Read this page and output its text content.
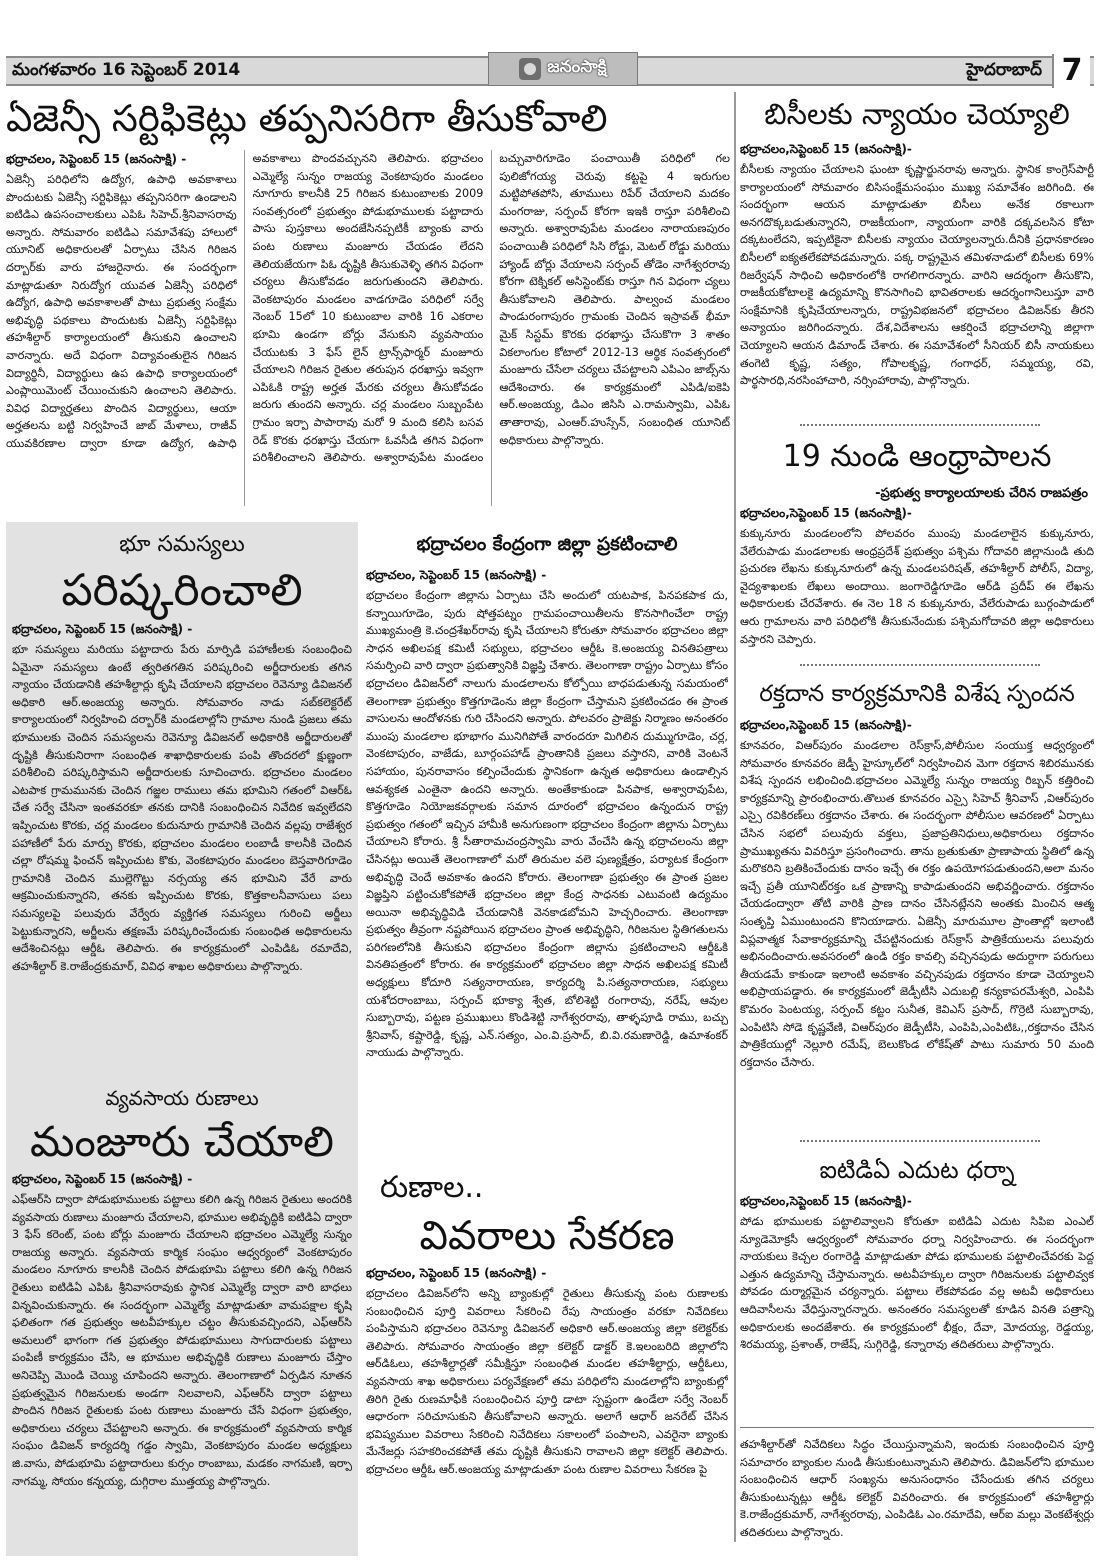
మంగళవారం 16 సెప్టెంబర్ 2014	జనంసాక్షి	హైదరాబాద్ 7
ఏజెన్సీ సర్టిఫికెట్లు తప్పనిసరిగా తీసుకోవాలి
భద్రాచలం, సెప్టెంబర్ 15 (జనంసాక్షి) -
ఏజెన్సీ పరిధిలోని ఉద్యోగ, ఉపాధి అవకాశాలు పొందుటకు ఏజెన్సీ సర్టిఫికెట్లు తప్పనిసరిగా ఉండాలని ఐటిడిఎ ఉపసంచాలకులు ఎపిఓ సిహెచ్.శ్రీనివాసరావు అన్నారు. సోమవారం ఐటిడిఎ సమావేశపు హాలులో యూనిట్ అధికారులతో ఏర్పాటు చేసిన గిరిజన దర్బార్‌కు వారు హాజరైనారు. ఈ సందర్భంగా మాట్లాడుతూ నిరుద్యోగ యువత ఏజెన్సీ పరిధిలో ఉద్యోగ, ఉపాధి అవకాశాలతో పాటు ప్రభుత్వ సంక్షేమ అభివృద్ధి పథకాలు పొందుటకు ఏజెన్సీ సర్టిఫికెట్లు తహశీల్దార్ కార్యాలయంలో తీసుకుని ఉంచాలని వారన్నారు. అదే విధంగా విద్యావంతులైన గిరిజన విద్యార్థినీ, విద్యార్థులు ఉప ఉపాధి కార్యాలయంలో ఎంప్లాయిమెంట్ చేయించుకుని ఉంచాలని తెలిపారు. వివిధ విద్యార్హతలు పొందిన విద్యార్థులు, ఆయా అర్హతలను బట్టి నిర్వహించే జాబ్ మేళాలు, రాజీవ్ యువకిరణాల ద్వారా కూడా ఉద్యోగ, ఉపాధి అవకాశాలు పొందవచ్చునని తెలిపారు. భద్రాచలం ఎమ్మెల్యే సున్నం రాజయ్య వెంకటాపురం మండలం నూగూరు కాలనీకి 25 గిరిజన కుటుంబాలకు 2009 సంవత్సరంలో ప్రభుత్వం పోడుభూములకు పట్టాదారు పాసు పుస్తకాలు అందజేసినప్పటికీ బ్యాంకు వారు పంట రుణాలు మంజూరు చేయడం లేదని తెలియజేయగా పిఓ దృష్టికి తీసుకువెళ్ళి తగిన విధంగా చర్యలు తీసుకోవడం జరుగుతుందని తెలిపారు. వెంకటాపురం మండలం వాడగూడెం పరిధిలో సర్వే నెంబర్ 15లో 10 కుటుంబాల వారికి 16 ఎకరాల భూమి ఉండగా బోర్లు వేసుకుని వ్యవసాయం చేయుటకు 3 ఫేస్ లైన్ ట్రాన్స్‌ఫార్మర్ మంజూరు చేయాలని గిరిజన రైతుల తరుపున ధరఖాస్తు ఇవ్వగా ఎపిఓకి రాష్ట్ర అర్హత మేరకు చర్యలు తీసుకోవడం జరుగు తుందని అన్నారు. చర్ల మండలం సుబ్బంపేట గ్రామం ఇర్పా పాపారావు మరో 9 మంది కలిసి బసవ రెడ్ కొరకు ధరఖాస్తు చేయగా ఓవసీడి తగిన విధంగా పరిశీలించాలని తెలిపారు. అశ్వారావుపేట మండలం బచ్చువారిగూడెం పంచాయితీ పరిధిలో గల పులిజోగయ్య చెరువు కట్టపై 4 ఇరుగుల మట్టిపోతపోసి, తూములు రిపేర్ చేయాలని మదకం మంగరాజు, సర్పంచ్ కోరగా ఇఇకి రాస్తూ పరిశీలించి అన్నారు. అశ్వారావుపేట మండలం నారాయణపురం పంచాయితీ పరిధిలో సిసి రోడ్డు, మెటల్ రోడ్డు మరియు హ్యాండ్ బోర్లు వేయాలని సర్పంచ్ తోడెం నాగేశ్వరరావు కోరగా టెక్నికల్ అసిస్టెంట్‌కు రాస్తూ గిన విధంగా చ్యలు తీసుకోవాలని తెలిపారు. పాల్వంచ మండలం పాండురంగాపురం గ్రామంకు చెందిన ఇస్రావత్ భీమా మైక్ సిస్టమ్ కొరకు ధరఖాస్తు చేసుకొగా 3 శాతం వికలాంగుల కోటాలో 2012-13 ఆర్థిక సంవత్సరంలో మంజూరు చేసేలా చర్యలు చేపట్టాలని ఎపిఎం జాబ్స్‌ను ఆదేశించారు. ఈ కార్యక్రమంలో ఎపిడి/ఐకెపి ఆర్.అంజయ్య, డిఎం జిసిసి ఎ.రామస్వామి, ఎపిఓ తాతారావు, ఎంఆర్.హుస్సేన్, సంబంధిత యూనిట్ అధికారులు పాల్గొన్నారు.
బిసీలకు న్యాయం చెయ్యాలి
భద్రాచలం,సెప్టెంబర్ 15 (జనంసాక్షి)-
బీసీలకు న్యాయం చేయాలని ఘంటా కృష్ణార్జునరావు అన్నారు. స్థానిక కాంగ్రెస్‌పార్టీ కార్యాలయంలో సోమవారం బిసిసంక్షేమసంఘం ముఖ్య సమావేశం జరిగింది. ఈ సందర్భంగా ఆయన మాట్లాడుతూ బిసీలు అనేక రకాలుగా అనగదొక్కబడుతున్నారని, రాజకీయంగా, న్యాయంగా వారికి దక్కవలసిన కోటా దక్కటంలేదని, ఇప్పటికైనా బిసీలకు న్యాయం చెయ్యాలన్నారు.దీనికి ప్రధానకారణం బిసీలలో ఐక్యతలేకపోవడమన్నారు. పక్క రాష్ట్రమైన తమిళనాడులో బిసీలకు 69% రిజర్వేషన్ సాధించి అధికారంలోకి రాగలిగారన్నారు. వారిని ఆదర్శంగా తీసుకొని, రాజకీయకోటాలకై ఉద్యమాన్ని కొనసాగించి భావితరాలకు ఆదర్శంగానిలుస్తూ వారి సంక్షేమానికి కృషిచేయాలన్నారు, రాష్ట్రవిభజనలో భద్రాచలం డివిజన్‌కు తీరని అన్యాయం జరిగిందన్నారు. దేశ,విదేశాలను ఆకర్షించే భద్రాచలాన్ని జిల్లాగా చెయ్యాలని ఆయన డిమాండ్ చేశారు. ఈ సమావేశంలో సీనియర్ బిసీ నాయకులు తంగెటి కృష్ణ, సత్యం, గోపాలకృష్ణ, గంగాధర్, సమ్మయ్య, రవి, పార్థసారధి,నరసింహాచారి, నర్సింహారావు, పాల్గొన్నారు.
19 నుండి ఆంధ్రాపాలన
-ప్రభుత్వ కార్యాలయాలకు చేరిన రాజపత్రం
భద్రాచలం,సెప్టెంబర్ 15 (జనంసాక్షి)-
కుక్కునూరు మండలంలోని పోలవరం ముంపు మండలాలైన కుక్కునూరు, వేలేరుపాడు మండలాలకు ఆంధ్రప్రదేశ్ ప్రభుత్వం పశ్చిమ గోదావరి జిల్లానుండి తుది ప్రచురణ లేఖను కుక్కునూరులో ఉన్న మండలపరిషత్, తహశీల్దార్ పోలీస్, విద్యా, వైద్యశాఖలకు లేఖలు అందాయి. జంగారెడ్డిగూడెం ఆర్‌డి ప్రదీప్ ఈ లేఖను అధికారులకు చేరవేశారు. ఈ నెల 18 న కుక్కునూరు, వేలేరుపాడు బుర్గంపాడులో ఆరు గ్రామాలను వారి పరిధిలోకి తీసుకునేందుకు పశ్చిమగోదావరి జిల్లా అధికారులు వస్తారని చెప్పారు.
రక్తదాన కార్యక్రమానికి విశేష స్పందన
భద్రాచలం,సెప్టెంబర్ 15 (జనంసాక్షి)-
కూనవరం, విఆర్‌పురం మండలాల రెస్‌క్రాస్,పోలీసుల సంయుక్త ఆధ్వర్యంలో సోమవారం కూనవరం జెడ్పీ హైస్కూల్‌లో నిర్వహించిన మెగా రక్తదాన శిబిరమునకు విశేష స్పందన లభించింది.భద్రాచలం ఎమ్మెల్యే సున్నం రాజయ్య రిబ్బన్ కత్తిరించి కార్యక్రమాన్ని ప్రారంభించారు.తొలుత కూనవరం ఎస్సై సిహెచ్ శ్రీనివాస్ ,విఆర్‌పురం ఎస్సై రవికిరణ్‌లు రక్తదానం చేశారు. ఈ సందర్భంగా పోలీసుల ఆవరణలో ఏర్పాటు చేసిన సభలో పలువురు వక్తలు, ప్రజాప్రతినిధులు,అధికారులు రక్తదానం ప్రాముఖ్యతను వివరిస్తూ ప్రసంగించారు. తాను బ్రతుకుతూ ప్రాణాపాయ స్థితిలో ఉన్న మరొకరిని బ్రతికించేందుకు దానం ఇచ్చే ఈ రక్తం ఉపయోగపడుతుందని,అలా మనం ఇచ్చే ప్రతీ యూనిట్‌రక్తం ఒక ప్రాణాన్ని కాపాడుతుందని అభివర్ణించారు. రక్తదానం చేయడంద్వారా తోటి వారికి ప్రాణ దానం చేసినట్లేనని అంతకు మించిన ఆత్మ సంతృప్తి ఏముంటుందని కొనియాడారు. ఏజెన్సీ మారుమూల ప్రాంతాల్లో ఇలాంటి విప్లవాత్మక సేవాకార్యక్రమాన్ని చేపట్టినందుకు రెస్‌క్రాస్ పాత్రికేయులను పలువురు అభినందించారు.అవసరంలో ఉండి రక్తం కావల్సి వచ్చినపుడు అదుర్దాగా పరుగులు తీయడమే కాకుండా ఇలాంటి అవకాశం వచ్చినపుడు రక్తదానం కూడా చెయ్యాలని అభిప్రాయపడ్డారు. ఈ కార్యక్రమంలో జెడ్పీటీసి ఎదుబల్లి కన్యకాపరమేశ్వరి, ఎంపిపి కొమరం పెంటయ్య, సర్పంచ్ కట్టం సునీత, కెవిఎస్ ప్రసాద్, గొర్రెటి సుబ్బారావు, ఎంపిటిసి సోడె కృష్ణవేణి, విఆర్‌పురం జెడ్పీటీసి, ఎంపిపి,ఎంపిటిఓ,,రక్తదానం చేసిన పాత్రికేయుల్లో నెల్లూరి రమేష్, బెలుకొండ లోకేష్‌తో పాటు సుమారు 50 మంది రక్తదానం చేసారు.
ఐటిడిఏ ఎదుట ధర్నా
భద్రాచలం,సెప్టెంబర్ 15 (జనంసాక్షి)-
పోడు భూములకు పట్టాలివ్వాలని కోరుతూ ఐటిడిఏ ఎదుట సిపిఐ ఎంఎల్ న్యూడెమోక్రసీ ఆధ్వర్యంలో సోమవారం ధర్నా నిర్వహించారు. ఈ సందర్భంగా నాయకులు కెచ్చల రంగారెడ్డి మాట్లాడుతూ పోడు భూములకు పట్టాలించేవరకు పెద్ద ఎత్తున ఉద్యమాన్ని చేస్తామన్నారు. అటవీహక్కుల ద్వారా గిరిజనులకు పట్టాలివ్వక పోవడం దుర్మార్గమైన చర్యన్నారు. పట్టాలు లేకపోవడం వల్ల అటవీ అధికారులు ఆదివాసీలను వేధిస్తున్నారన్నారు. అనంతరం సమస్యలతో కూడిన వినతి పత్రాన్ని అధికారులకు అందజేశారు. ఈ కార్యక్రమంలో భీక్షం, దేవా, మోదయ్య, రెడ్డయ్య, శిరమయ్య, ప్రశాంత్, రాజేష్, సుగ్గిరెడ్డి, కన్నారావు తదితరులు పాల్గొన్నారు.
తహశీల్దార్‌తో నివేదికలు సిద్ధం చేయిస్తున్నామని, ఇందుకు సంబంధించిన పూర్తి సమాచారం బ్యాంకుల నుండి తీసుకుంటున్నామని తెలిపారు. డివిజన్‌లోని భూముల సంబంధించిన ఆధార్ సంఖ్యను అనుసంధానం చేసేందుకు తగిన చర్యలు తీసుకుంటున్నట్లు ఆర్డీఓ కలెక్టర్ వివరించారు. ఈ కార్యక్రమంలో తహశీల్దార్లు కె.రాజేంద్రకుమార్, నాగేశ్వరరావు, ఎంపిడిఓ ఎం.రమాదేవి, ఆర్‌ఐ మల్లు వెంకటేశ్వర్లు తదితరులు పాల్గొన్నారు.
భూ సమస్యలు
పరిష్కరించాలి
భద్రాచలం, సెప్టెంబర్ 15 (జనంసాక్షి) -
భూ సమస్యలు మరియు పట్టాదారు పేరు మార్పిడి పహాణీలకు సంబంధించి ఏమైనా సమస్యలు ఉంటే త్వరితగతిన పరిష్కరించి అర్జీదారులకు తగిన న్యాయం చేయడానికి తహశీల్దార్లు కృషి చేయాలని భద్రాచలం రెవెన్యూ డివిజనల్ అధికారి ఆర్.అంజయ్య అన్నారు. సోమవారం నాడు సబ్‌కలెక్టరేట్ కార్యాలయంలో నిర్వహించి దర్బార్‌కి మండలాల్లోని గ్రామాల నుండి ప్రజలు తమ భూములకు చెందిన సమస్యలను రెవెన్యూ డివిజనల్ అధికారికి అర్జీదారులతో దృష్టికి తీసుకునిరాగా సంబంధిత శాఖాధికారులకు పంపి తొందరలో క్షుణ్ణంగా పరిశీలించి పరిష్కరిస్తామని అర్జీదారులకు సూచించారు. భద్రాచలం మండలం ఎటపాక గ్రామమునకు చెందిన గజ్జల రాములు తమ భూమిని గతంలో విఆర్‌ఓ చేత సర్వే చేసినా ఇంతవరకూ తనకు దానికి సంబంధించిన నివేదిక ఇవ్వలేదని ఇప్పించుట కొరకు, చర్ల మండలం కుదునూరు గ్రామానికి చెందిన వల్లపు రాజేశ్వర పహాణీలో పేరు మార్పు కొరకు, భద్రాచలం మండలం లంబాడీ కాలనీకి చెందిన చల్లా రోషమ్మ ఫించన్ ఇప్పించుట కొకు, వెంకటాపురం మండలం బెస్తవారిగూడెం గ్రామానికి చెందిన ముల్లెగొట్టు నర్సయ్య తన భూమిని వేరే వారు ఆక్రమించుకున్నారని, తనకు ఇప్పించుట కొరకు, కొత్తకాలనీవాసులు పలు సమస్యలపై పలువురు వేర్వేరు వ్యక్తిగత సమస్యలు గురించి అర్జీలు పెట్టుకున్నారని, అర్జీలను తక్షణమే పరిష్కరించేందుకు సంబంధిత అధికారులను ఆదేశించినట్లు ఆర్డీఓ తెలిపారు. ఈ కార్యక్రమంలో ఎంపిడిఓ రమాదేవి, తహశీల్దార్ కె.రాజేంద్రకుమార్, వివిధ శాఖల అధికారులు పాల్గొన్నారు.
వ్యవసాయ రుణాలు
మంజూరు చేయాలి
భద్రాచలం, సెప్టెంబర్ 15 (జనంసాక్షి) -
ఎఫ్ఆర్‌సి ద్వారా పోడుభూములకు పట్టాలు కలిగి ఉన్న గిరిజన రైతులు అందరికి వ్యవసాయ రుణాలు మంజూరు చేయాలని, భూముల అభివృద్ధికి ఐటిడిఏ ద్వారా 3 ఫేస్ కరెంట్, పంట బోర్లు మంజూరు చేయాలని భద్రాచలం ఎమ్మెల్యే సున్నం రాజయ్య అన్నారు. వ్యవసాయ కార్మిక సంఘం ఆధ్వర్యంలో వెంకటాపురం మండలం నూగూరు కాలనీకి చెందిన పోడుభూమి పట్టాలు కలిగి ఉన్న గిరిజన రైతులు ఐటిడిఏ ఎపిఓ శ్రీనివాసరావుకు స్థానిక ఎమ్మెల్యే ద్వారా వారి బాధలు విన్నవించుకున్నారు. ఈ సందర్భంగా ఎమ్మెల్యే మాట్లాడుతూ వామపక్షాల కృషి ఫలితంగా గత ప్రభుత్వం అటవీహక్కుల చట్టం తీసుకువచ్చిందని, ఎఫ్ఆర్‌సి అమలులో భాగంగా గత ప్రభుత్వం పోడుభూములు సాగుదారులకు పట్టాలు పంపిణీ కార్యక్రమం చేసి, ఆ భూముల అభివృద్ధికి రుణాలు మంజూరు చేస్తాం అనిచెప్పి మొండి చెయ్యి చూపిందని అన్నారు. తెలంగాణాలో ఏర్పడిన నూతన ప్రభుత్వమైన గిరిజనులకు అండగా నిలవాలని, ఎఫ్ఆర్‌సి ద్వారా పట్టాలు పొందిన గిరిజన రైతులకు పంట రుణాలు మంజూరు చేసే విధంగా ప్రభుత్వం, అధికారులు చర్యలు చేపట్టాలని అన్నారు. ఈ కార్యక్రమంలో వ్యవసాయ కార్మిక సంఘం డివిజన్ కార్యదర్శి గడ్డం స్వామి, వెంకటాపురం మండల అధ్యక్షులు జి.వాసు, పోడుభూమి పట్టాదారులు కుర్సం రాంబాబు, మడకం నాగమణి, ఇర్పా నాగమ్మ, సోయం కన్నయ్య, దుగ్గిరాల ముత్తయ్య పాల్గొన్నారు.
భద్రాచలం కేంద్రంగా జిల్లా ప్రకటించాలి
భద్రాచలం, సెప్టెంబర్ 15 (జనంసాక్షి) -
భద్రాచలం కేంద్రంగా జిల్లాను ఏర్పాటు చేసి అందులో యటపాక, పినపకపాక దు, కన్నాయిగూడెం, పురు షోత్తపట్నం గ్రామపంచాయితీలను కొనసాగించేలా రాష్ట్ర ముఖ్యమంత్రి కె.చంద్రశేఖర్‌రావు కృషి చేయాలని కోరుతూ సోమవారం భద్రాచలం జిల్లా సాధన అఖిలపక్ష కమిటీ సభ్యులు, భద్రాచలం ఆర్డీఓ కె.అంజయ్య వినతిపత్రాలు సమర్పించి వారి ద్వారా ప్రభుత్వానికి విజ్ఞప్తి చేశారు. తెలంగాణా రాష్ట్రం ఏర్పాటు కోసం భద్రాచలం డివిజన్‌లో నాలుగు మండలాలను కోల్పోయి బాధపడుతున్న సమయంలో తెలంగాణా ప్రభుత్వం కొత్తగూడెంను జిల్లా కేంద్రంగా చేస్తామని ప్రకటించడం ఈ ప్రాంత వాసులను ఆందోళనకు గురి చేసిందని అన్నారు. పోలవరం ప్రాజెక్టు నిర్మాణం అనంతరం ముంపు మండలాల భూభాగం మునిగిపోతే వారందరూ మిగిలిన దుమ్ముగూడెం, చర్ల, వెంకటాపురం, వాజేడు, బూర్గంపహాడ్ ప్రాంతానికి ప్రజలు వస్తారని, వారికి వెంటనే సహాయం, పునరావాసం కల్పించేందుకు స్థానికంగా ఉన్నత అధికారులు ఉండాల్సిన ఆవశ్యకత ఎంతైనా ఉందని అన్నారు. అంతేకాకుండా పినపాక, అశ్వారావుపేట, కొత్తగూడెం నియోజకవర్గాలకు సమాన దూరంలో భద్రాచలం ఉన్నందున రాష్ట్ర ప్రభుత్వం గతంలో ఇచ్చిన హామీకి అనుగుణంగా భద్రాచలం కేంద్రంగా జిల్లాను ఏర్పాటు చేయాలని కోరారు. శ్రీ సీతారామచంద్రస్వామి వారు వేంచేసి ఉన్న భద్రాచలంను జిల్లా చేసినట్లు అయితే తెలంగాణాలో మరో తిరుమల వలె పుణ్యక్షేత్రం, పర్యాటక కేంద్రంగా అభివృద్ధి చెందే అవకాశం ఉందని కోరారు. తెలంగాణా ప్రభుత్వం ఈ ప్రాంత ప్రజల విజ్ఞప్తిని పట్టించుకోకపోతే భద్రాచలం జిల్లా కేంద్ర సాధనకు ఎటువంటి ఉద్యమం అయినా అభివృద్ధివిడి చేయడానికి వెనకాడబోమని హెచ్చరించారు. తెలంగాణా ప్రభుత్వం తీవ్రంగా నష్టపోయిన భద్రాచలం ప్రాంత అభివృద్ధిని, గిరిజనుల స్థితిగతులను పరిగణలోనికి తీసుకుని భద్రాచలం కేంద్రంగా జిల్లాను ప్రకటించాలని ఆర్డీఓకి వినతిపత్రంలో కోరారు. ఈ కార్యక్రమంలో భద్రాచలం జిల్లా సాధన అఖిలపక్ష కమిటీ అధ్యక్షులు కోదూరి సత్యనారాయణ, కార్యదర్శి పి.సత్యనారాయణ, సభ్యులు యశోదరాంబాబు, సర్పంచ్ భూక్యా శ్వేత, బోలిశెట్టి రంగారావు, నరేష్, ఆవుల సుబ్బారావు, పట్టణ ప్రముఖులు కొండిశెట్టి నాగేశ్వరరావు, తాళ్ళపూడి రాము, బచ్చు శ్రీనివాస్, కష్టారెడ్డి, కృష్ణ, ఎన్.సత్యం, ఎం.వి.ప్రసాద్, బి.వి.రమణారెడ్డి, ఉమాశంకర్ నాయుడు పాల్గొన్నారు.
రుణాల..
వివరాలు సేకరణ
భద్రాచలం, సెప్టెంబర్ 15 (జనంసాక్షి) -
భద్రాచలం డివిజన్‌లోని అన్ని బ్యాంకుల్లో రైతులు తీసుకున్న పంట రుణాలకు సంబంధించిన పూర్తి వివరాలు సేకరించి రేపు సాయంత్రం వరకూ నివేదికలు పంపిస్తామని భద్రాచలం రెవెన్యూ డివిజనల్ అధికారి ఆర్.అంజయ్య జిల్లా కలెక్టర్‌కు తెలిపారు. సోమవారం సాయంత్రం జిల్లా కలెక్టర్ డాక్టర్ కె.ఇలంబరిది జిల్లాలోని ఆర్‌డిఓలు, తహశీల్దార్లతో సమీక్షిస్తూ సంబంధిత మండల తహశీల్దార్లు, ఆర్డీఓలు, వ్యవసాయ శాఖ అధికారులు పర్యవేక్షణలో తమ పరిధిలోని మండలాల్లోని బ్యాంకుల్లో తిరిగి రైతు రుణమాఫీకి సంబంధించిన పూర్తి డాటా స్పష్టంగా ఉండేలా సర్వే నెంబర్ ఆధారంగా సరిచూసుకుని తీసుకోవాలని అన్నారు. అలాగే ఆధార్ జనరేట్ చేసిన భవిష్యముల వివరాలు సేకరించి నివేదికలు సకాలంలో పంపాలని, ఎవరైనా బ్యాంకు మేనేజర్లు సహకరించకపోతే తమ దృష్టికి తీసుకుని రావాలని జిల్లా కలెక్టర్ తెలిపారు. భద్రాచలం ఆర్డీఓ ఆర్.అంజయ్య మాట్లాడుతూ పంట రుణాల వివరాలు సేకరణ పై
